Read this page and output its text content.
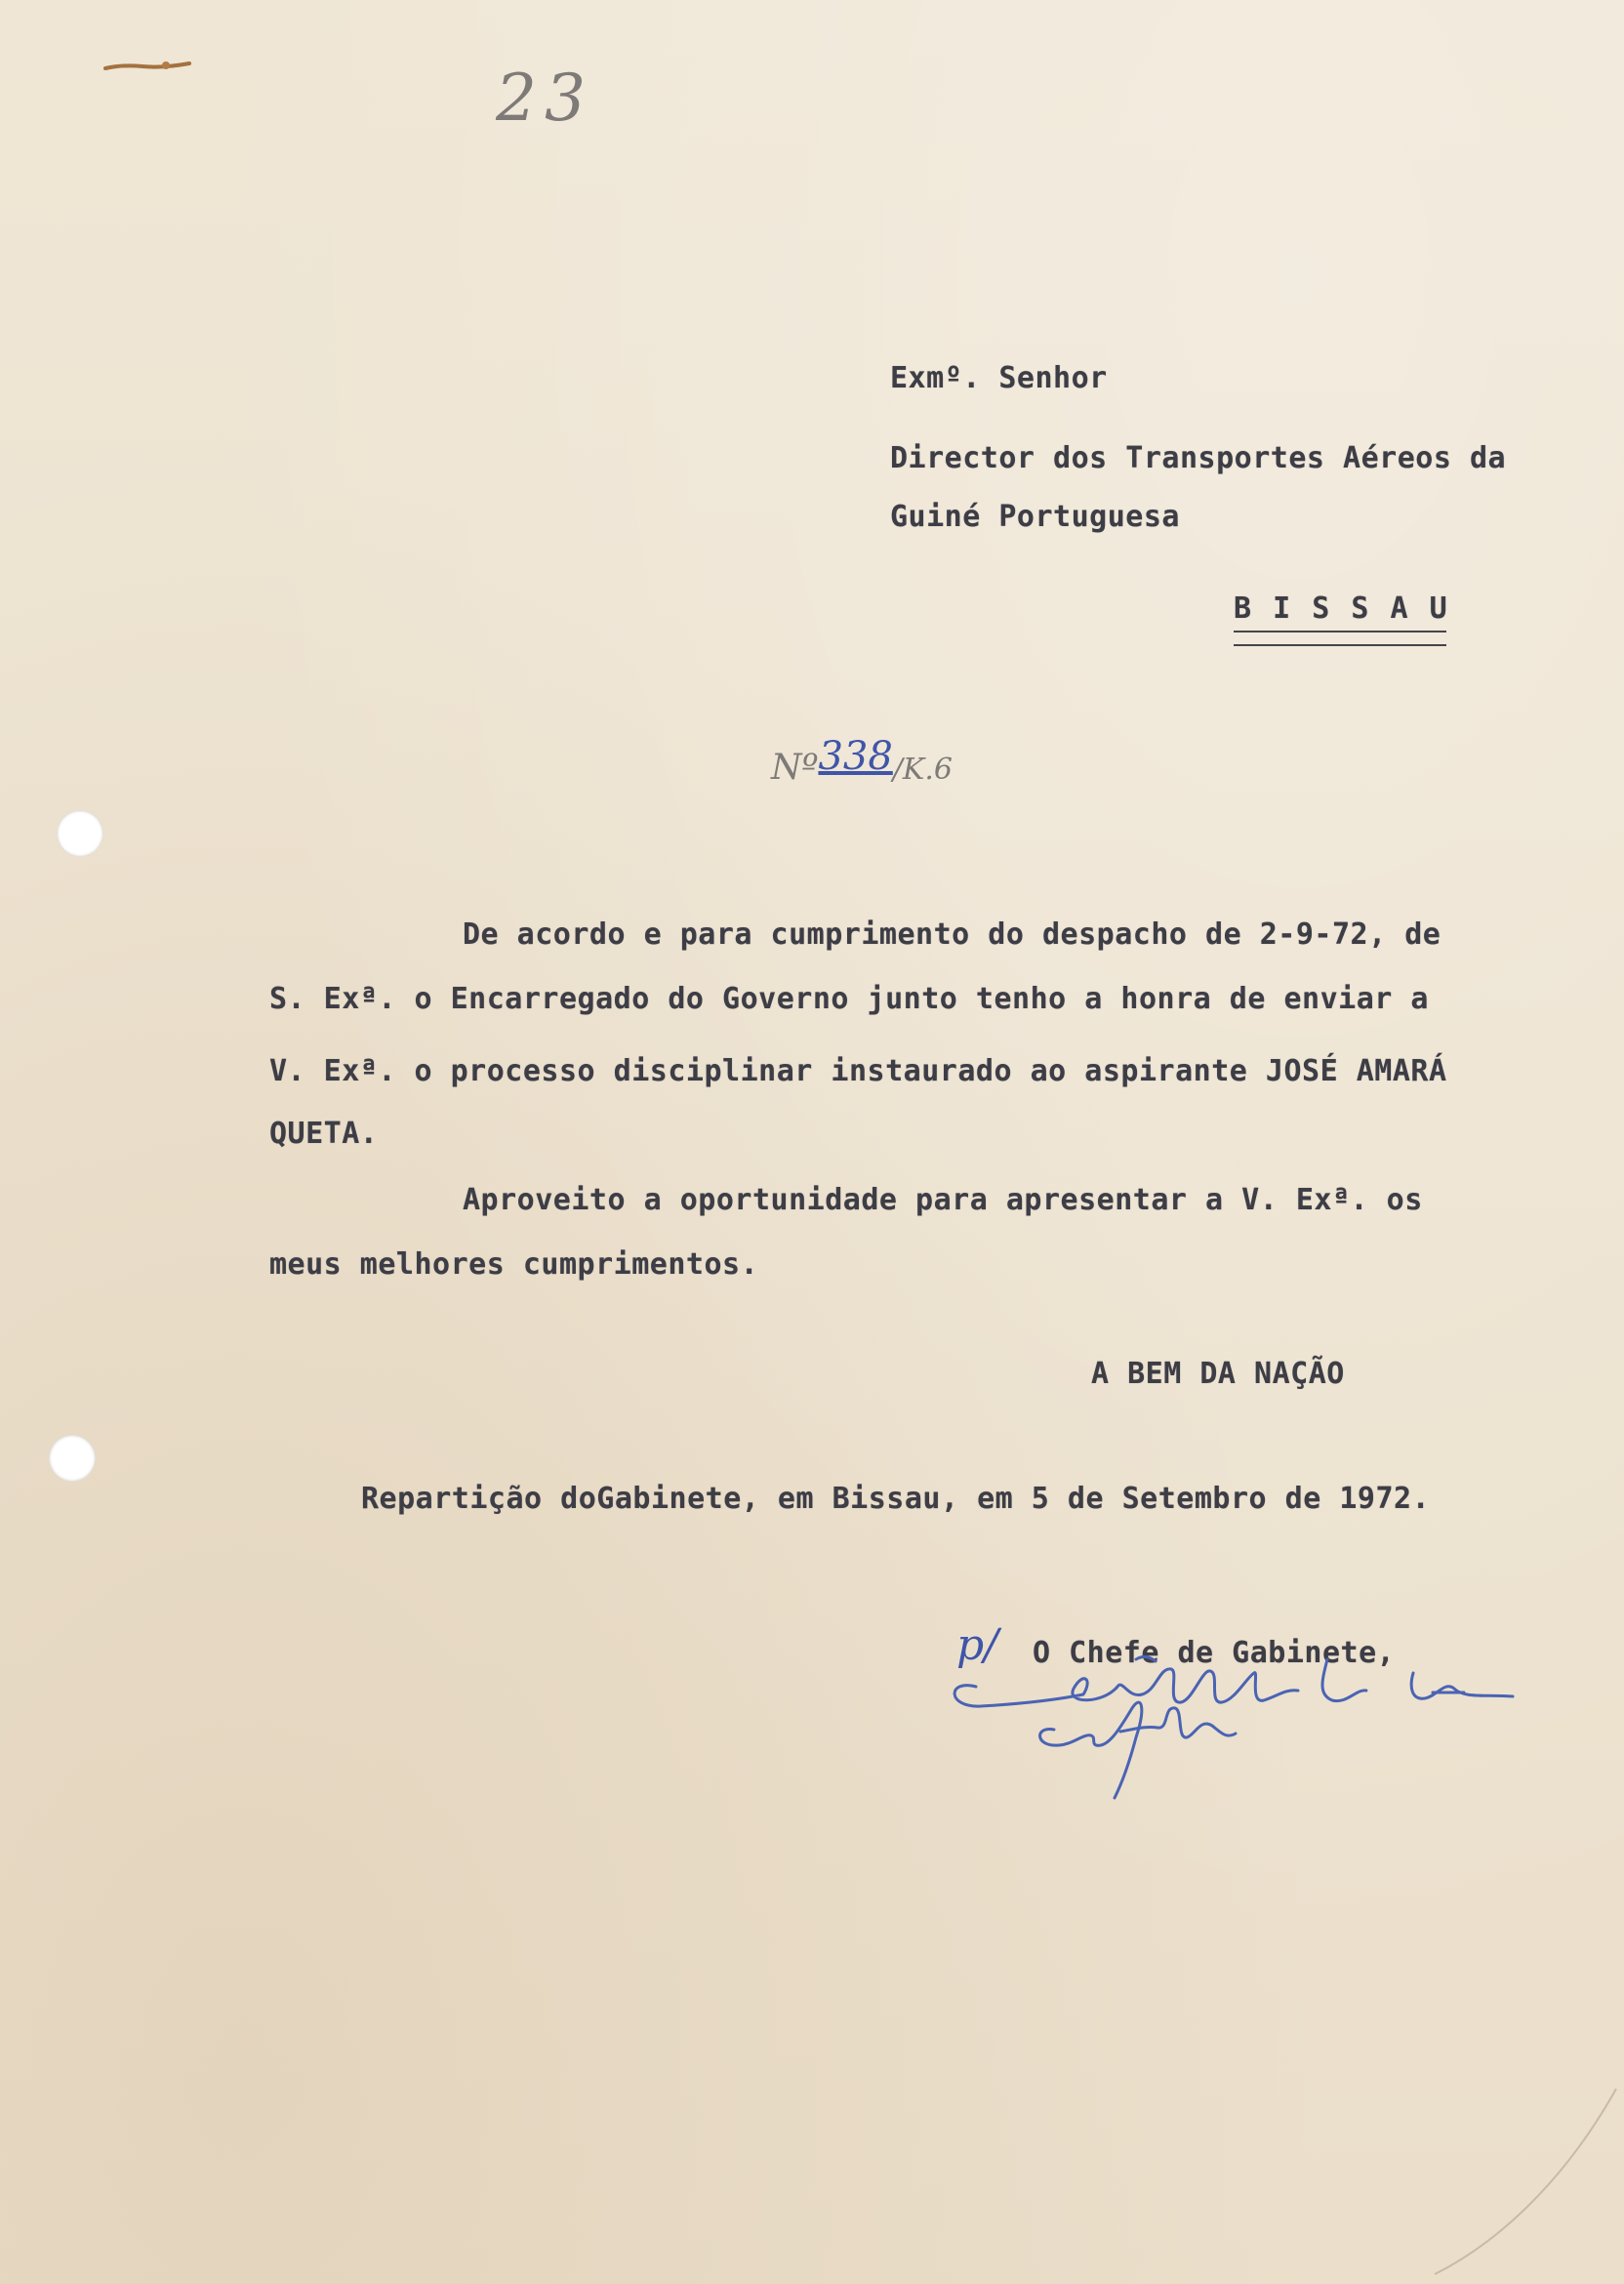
23
Exmº. Senhor
Director dos Transportes Aéreos da
Guiné Portuguesa
B I S S A U
Nº338/K.6
De acordo e para cumprimento do despacho de 2-9-72, de
S. Exª. o Encarregado do Governo junto tenho a honra de enviar a
V. Exª. o processo disciplinar instaurado ao aspirante JOSÉ AMARÁ
QUETA.
Aproveito a oportunidade para apresentar a V. Exª. os
meus melhores cumprimentos.
A BEM DA NAÇÃO
Repartição doGabinete, em Bissau, em 5 de Setembro de 1972.
p/ O Chefe de Gabinete,
